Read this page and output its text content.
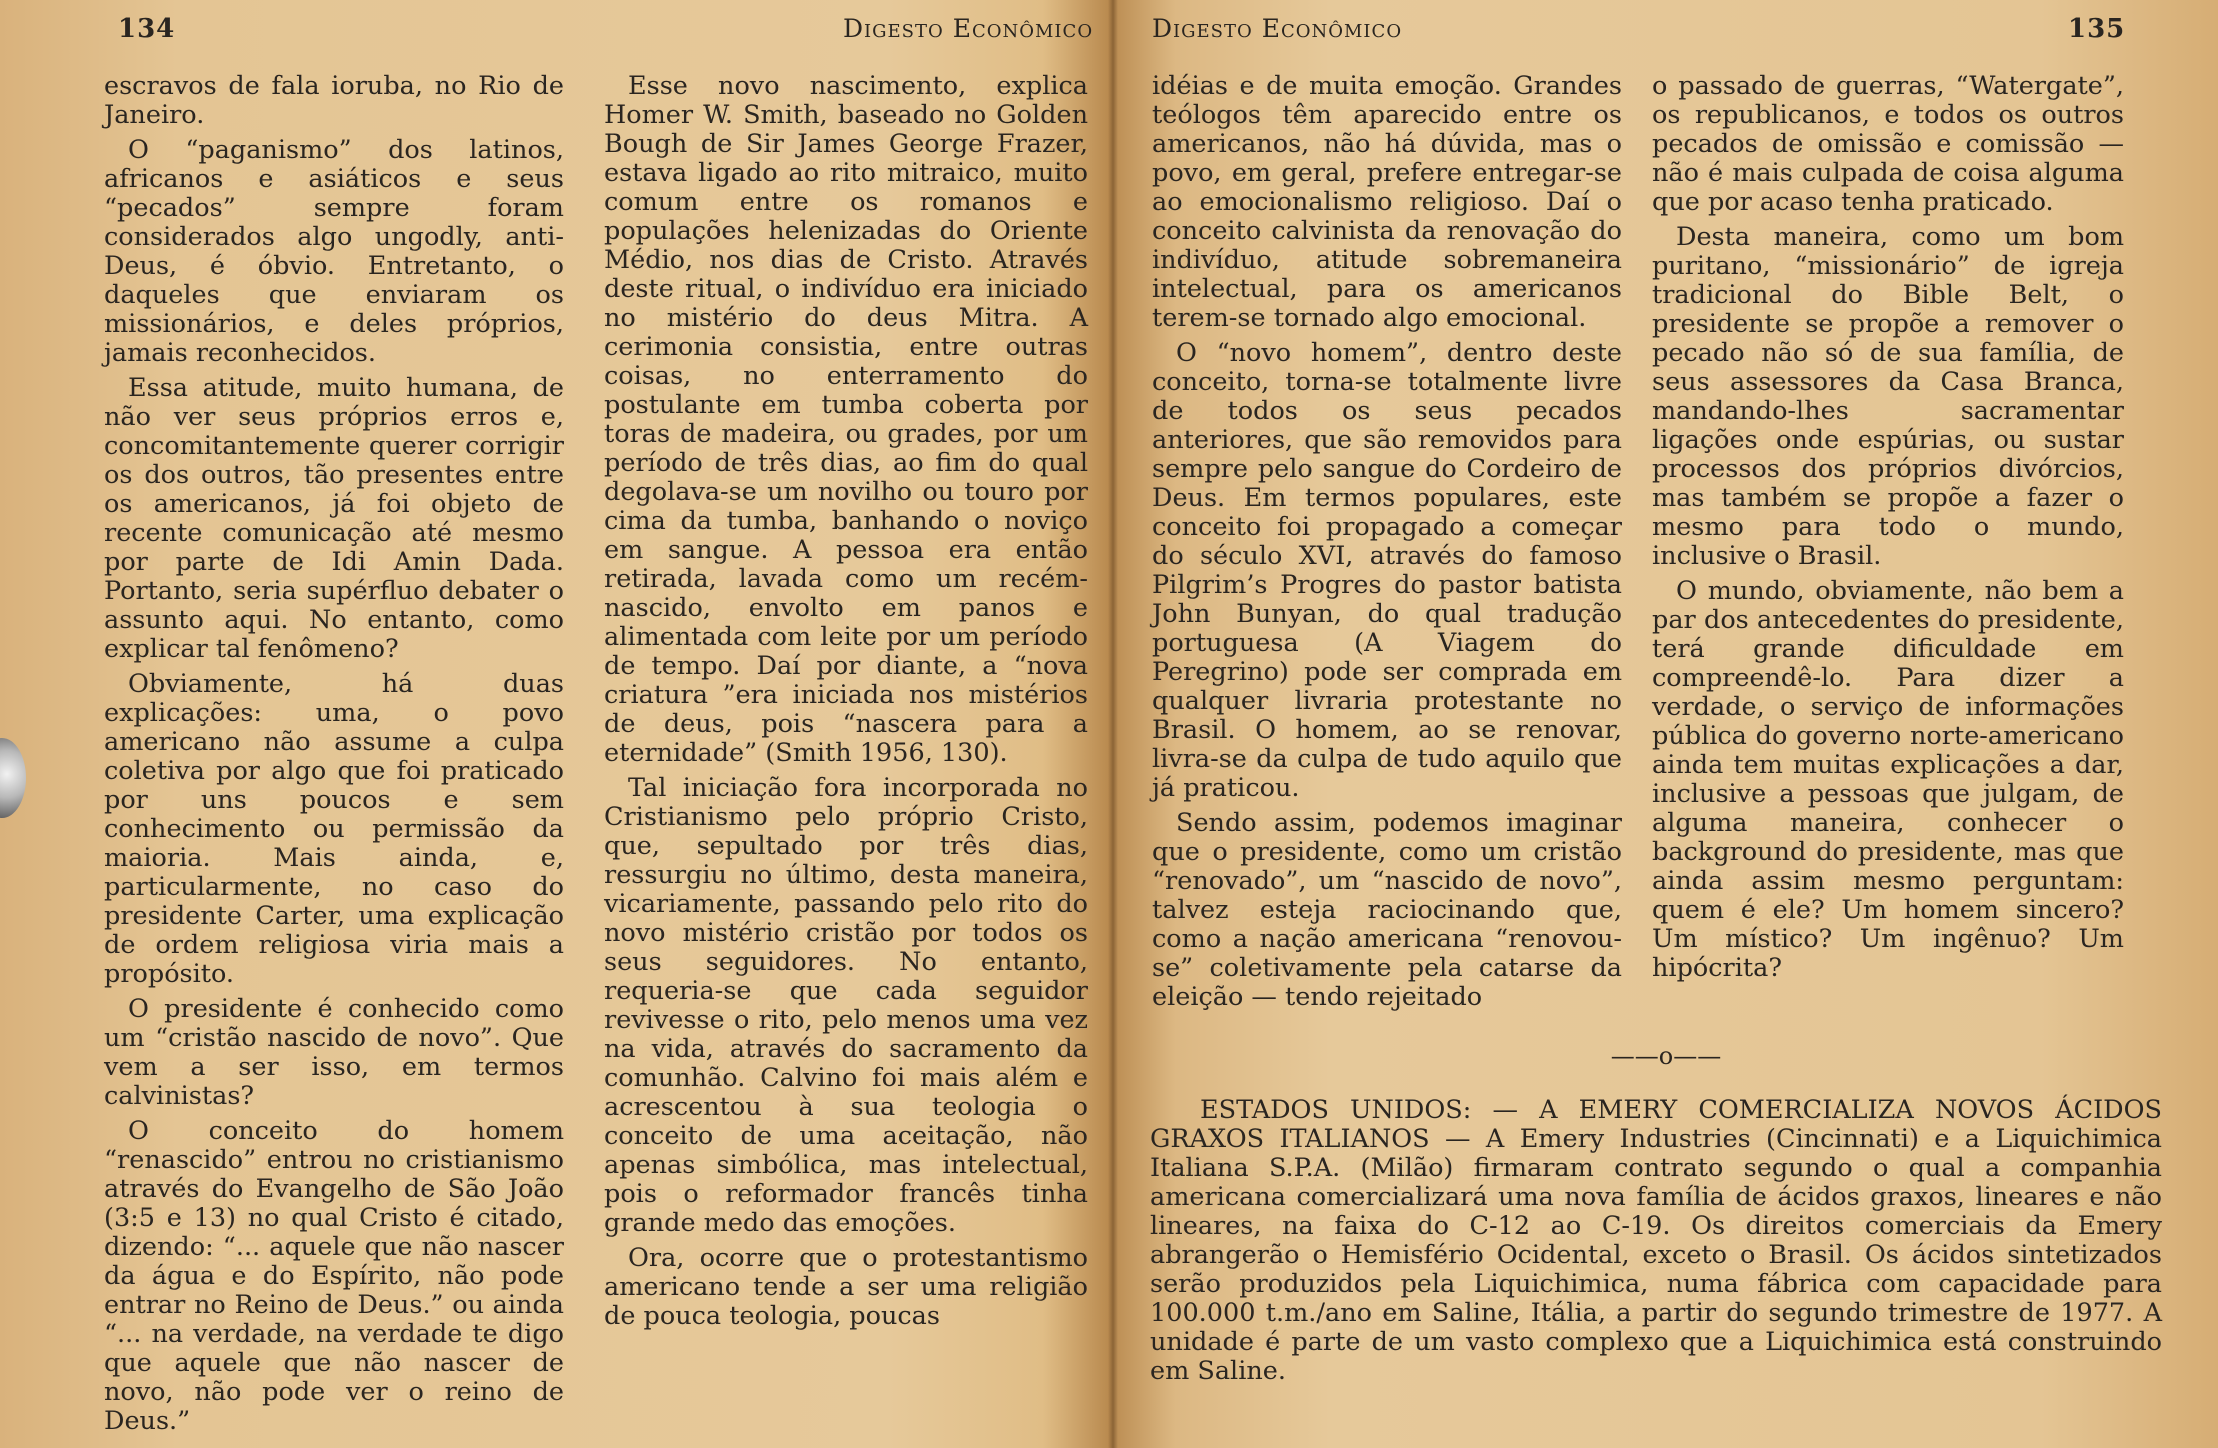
134	Digesto Econômico

escravos de fala ioruba, no Rio de Janeiro.

O “paganismo” dos latinos, africanos e asiáticos e seus “pecados” sempre foram considerados algo ungodly, anti-Deus, é óbvio. Entretanto, o daqueles que enviaram os missionários, e deles próprios, jamais reconhecidos.

Essa atitude, muito humana, de não ver seus próprios erros e, concomitantemente querer corrigir os dos outros, tão presentes entre os americanos, já foi objeto de recente comunicação até mesmo por parte de Idi Amin Dada. Portanto, seria supérfluo debater o assunto aqui. No entanto, como explicar tal fenômeno?

Obviamente, há duas explicações: uma, o povo americano não assume a culpa coletiva por algo que foi praticado por uns poucos e sem conhecimento ou permissão da maioria. Mais ainda, e, particularmente, no caso do presidente Carter, uma explicação de ordem religiosa viria mais a propósito.

O presidente é conhecido como um “cristão nascido de novo”. Que vem a ser isso, em termos calvinistas?

O conceito do homem “renascido” entrou no cristianismo através do Evangelho de São João (3:5 e 13) no qual Cristo é citado, dizendo: “... aquele que não nascer da água e do Espírito, não pode entrar no Reino de Deus.” ou ainda “... na verdade, na verdade te digo que aquele que não nascer de novo, não pode ver o reino de Deus.”

Esse novo nascimento, explica Homer W. Smith, baseado no Golden Bough de Sir James George Frazer, estava ligado ao rito mitraico, muito comum entre os romanos e populações helenizadas do Oriente Médio, nos dias de Cristo. Através deste ritual, o indivíduo era iniciado no mistério do deus Mitra. A cerimonia consistia, entre outras coisas, no enterramento do postulante em tumba coberta por toras de madeira, ou grades, por um período de três dias, ao fim do qual degolava-se um novilho ou touro por cima da tumba, banhando o noviço em sangue. A pessoa era então retirada, lavada como um recém-nascido, envolto em panos e alimentada com leite por um período de tempo. Daí por diante, a “nova criatura ”era iniciada nos mistérios de deus, pois “nascera para a eternidade” (Smith 1956, 130).

Tal iniciação fora incorporada no Cristianismo pelo próprio Cristo, que, sepultado por três dias, ressurgiu no último, desta maneira, vicariamente, passando pelo rito do novo mistério cristão por todos os seus seguidores. No entanto, requeria-se que cada seguidor revivesse o rito, pelo menos uma vez na vida, através do sacramento da comunhão. Calvino foi mais além e acrescentou à sua teologia o conceito de uma aceitação, não apenas simbólica, mas intelectual, pois o reformador francês tinha grande medo das emoções.

Ora, ocorre que o protestantismo americano tende a ser uma religião de pouca teologia, poucas

Digesto Econômico	135

idéias e de muita emoção. Grandes teólogos têm aparecido entre os americanos, não há dúvida, mas o povo, em geral, prefere entregar-se ao emocionalismo religioso. Daí o conceito calvinista da renovação do indivíduo, atitude sobremaneira intelectual, para os americanos terem-se tornado algo emocional.

O “novo homem”, dentro deste conceito, torna-se totalmente livre de todos os seus pecados anteriores, que são removidos para sempre pelo sangue do Cordeiro de Deus. Em termos populares, este conceito foi propagado a começar do século XVI, através do famoso Pilgrim’s Progres do pastor batista John Bunyan, do qual tradução portuguesa (A Viagem do Peregrino) pode ser comprada em qualquer livraria protestante no Brasil. O homem, ao se renovar, livra-se da culpa de tudo aquilo que já praticou.

Sendo assim, podemos imaginar que o presidente, como um cristão “renovado”, um “nascido de novo”, talvez esteja raciocinando que, como a nação americana “renovou-se” coletivamente pela catarse da eleição — tendo rejeitado

o passado de guerras, “Watergate”, os republicanos, e todos os outros pecados de omissão e comissão — não é mais culpada de coisa alguma que por acaso tenha praticado.

Desta maneira, como um bom puritano, “missionário” de igreja tradicional do Bible Belt, o presidente se propõe a remover o pecado não só de sua família, de seus assessores da Casa Branca, mandando-lhes sacramentar ligações onde espúrias, ou sustar processos dos próprios divórcios, mas também se propõe a fazer o mesmo para todo o mundo, inclusive o Brasil.

O mundo, obviamente, não bem a par dos antecedentes do presidente, terá grande dificuldade em compreendê-lo. Para dizer a verdade, o serviço de informações pública do governo norte-americano ainda tem muitas explicações a dar, inclusive a pessoas que julgam, de alguma maneira, conhecer o background do presidente, mas que ainda assim mesmo perguntam: quem é ele? Um homem sincero? Um místico? Um ingênuo? Um hipócrita?

——o——

ESTADOS UNIDOS: — A EMERY COMERCIALIZA NOVOS ÁCIDOS GRAXOS ITALIANOS — A Emery Industries (Cincinnati) e a Liquichimica Italiana S.P.A. (Milão) firmaram contrato segundo o qual a companhia americana comercializará uma nova família de ácidos graxos, lineares e não lineares, na faixa do C-12 ao C-19. Os direitos comerciais da Emery abrangerão o Hemisfério Ocidental, exceto o Brasil. Os ácidos sintetizados serão produzidos pela Liquichimica, numa fábrica com capacidade para 100.000 t.m./ano em Saline, Itália, a partir do segundo trimestre de 1977. A unidade é parte de um vasto complexo que a Liquichimica está construindo em Saline.
